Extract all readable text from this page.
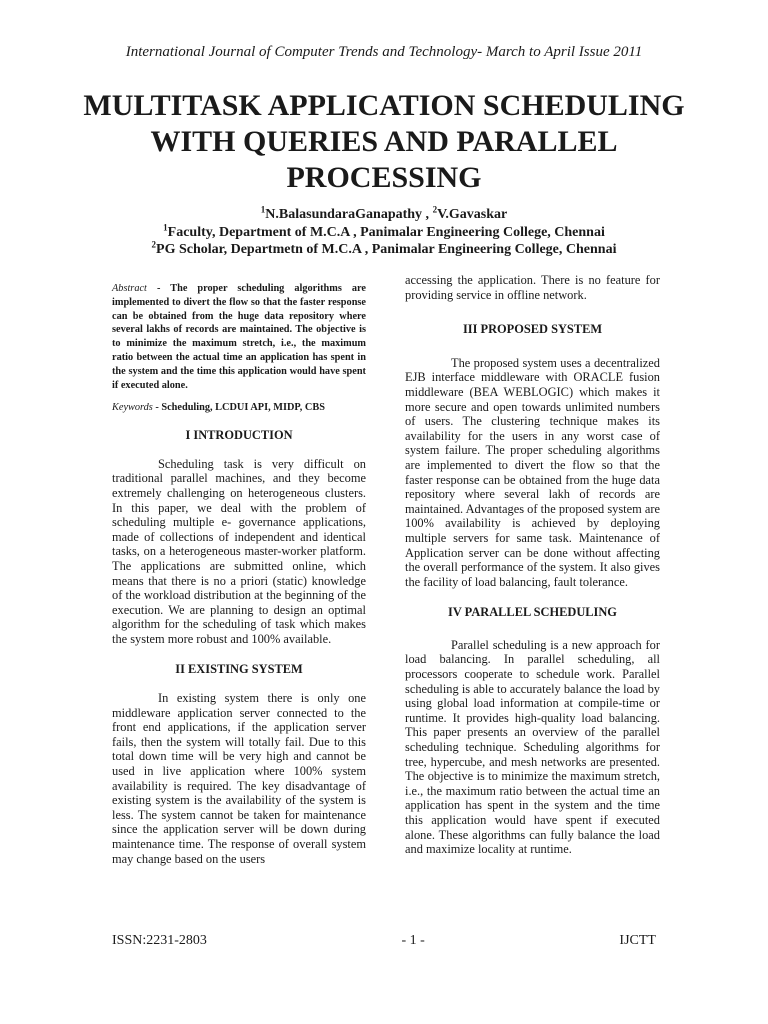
International Journal of Computer Trends and Technology- March to April Issue 2011
MULTITASK APPLICATION SCHEDULING WITH QUERIES AND PARALLEL PROCESSING
$^1$N.BalasundaraGanapathy , $^2$V.Gavaskar
$^1$Faculty, Department of M.C.A , Panimalar Engineering College, Chennai
$^2$PG Scholar, Departmetn of M.C.A , Panimalar Engineering College, Chennai

Abstract - The proper scheduling algorithms are implemented to divert the flow so that the faster response can be obtained from the huge data repository where several lakhs of records are maintained. The objective is to minimize the maximum stretch, i.e., the maximum ratio between the actual time an application has spent in the system and the time this application would have spent if executed alone.

Keywords - Scheduling, LCDUI API, MIDP, CBS

I INTRODUCTION

Scheduling task is very difficult on traditional parallel machines, and they become extremely challenging on heterogeneous clusters. In this paper, we deal with the problem of scheduling multiple e- governance applications, made of collections of independent and identical tasks, on a heterogeneous master-worker platform. The applications are submitted online, which means that there is no a priori (static) knowledge of the workload distribution at the beginning of the execution. We are planning to design an optimal algorithm for the scheduling of task which makes the system more robust and 100% available.

II EXISTING SYSTEM

In existing system there is only one middleware application server connected to the front end applications, if the application server fails, then the system will totally fail. Due to this total down time will be very high and cannot be used in live application where 100% system availability is required. The key disadvantage of existing system is the availability of the system is less. The system cannot be taken for maintenance since the application server will be down during maintenance time. The response of overall system may change based on the users

accessing the application. There is no feature for providing service in offline network.

III PROPOSED SYSTEM

The proposed system uses a decentralized EJB interface middleware with ORACLE fusion middleware (BEA WEBLOGIC) which makes it more secure and open towards unlimited numbers of users. The clustering technique makes its availability for the users in any worst case of system failure. The proper scheduling algorithms are implemented to divert the flow so that the faster response can be obtained from the huge data repository where several lakh of records are maintained. Advantages of the proposed system are 100% availability is achieved by deploying multiple servers for same task. Maintenance of Application server can be done without affecting the overall performance of the system. It also gives the facility of load balancing, fault tolerance.

IV PARALLEL SCHEDULING

Parallel scheduling is a new approach for load balancing. In parallel scheduling, all processors cooperate to schedule work. Parallel scheduling is able to accurately balance the load by using global load information at compile-time or runtime. It provides high-quality load balancing. This paper presents an overview of the parallel scheduling technique. Scheduling algorithms for tree, hypercube, and mesh networks are presented. The objective is to minimize the maximum stretch, i.e., the maximum ratio between the actual time an application has spent in the system and the time this application would have spent if executed alone. These algorithms can fully balance the load and maximize locality at runtime.

ISSN:2231-2803	- 1 -	IJCTT
